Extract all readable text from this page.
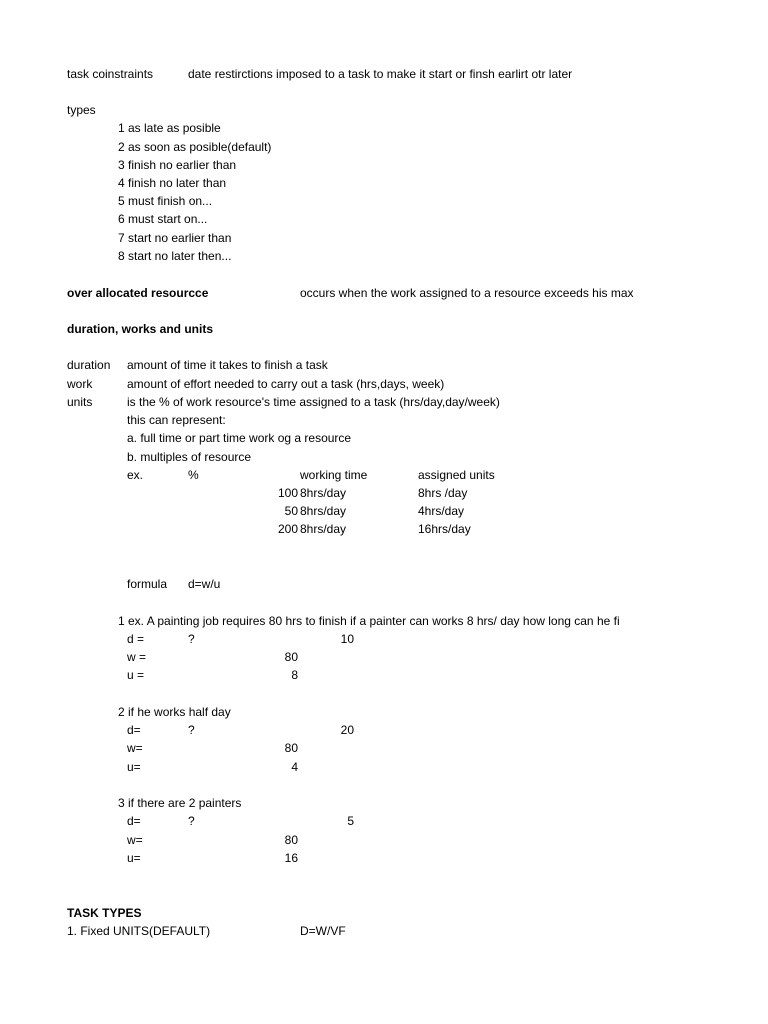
task coinstraints	date restirctions imposed to a task to make it start or finsh earlirt otr later
types
1 as late as posible
2 as soon as posible(default)
3 finish no earlier than
4 finish no later than
5 must finish on...
6 must start on...
7 start no earlier than
8 start no later then...
over allocated resourcce	occurs when the work assigned to a resource exceeds his max
duration, works and units
duration amount of time it takes to finish a task
work	amount of effort needed to carry out a task (hrs,days, week)
units	is the % of work resource's time assigned to a task (hrs/day,day/week)
this can represent:
a. full time or part time work og a resource
b. multiples of resource
ex.	%	working time	assigned units
100 8hrs/day	8hrs /day
50 8hrs/day	4hrs/day
200 8hrs/day	16hrs/day
formula d=w/u
1 ex. A painting job requires 80 hrs to finish if a painter can works 8 hrs/ day how long can he fi
d =	?	10
w =	80
u =	8
2 if he works half day
d=	?	20
w=	80
u=	4
3 if there are 2 painters
d=	?	5
w=	80
u=	16
TASK TYPES
1. Fixed UNITS(DEFAULT)	D=W/VF
